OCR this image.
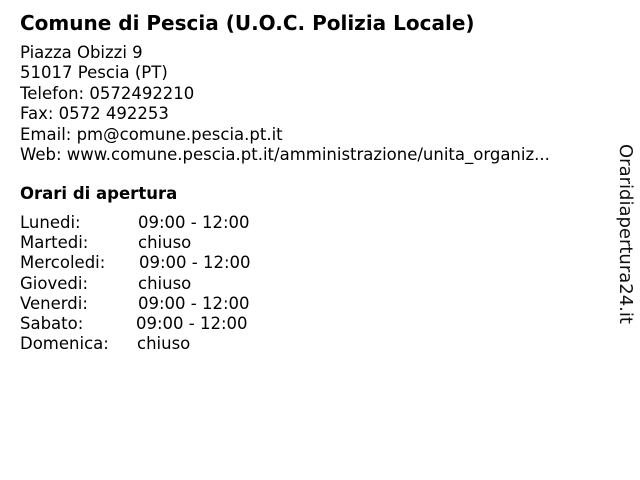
Comune di Pescia (U.O.C. Polizia Locale)
Piazza Obizzi 9
51017 Pescia (PT)
Telefon: 0572492210
Fax: 0572 492253
Email: pm@comune.pescia.pt.it
Web: www.comune.pescia.pt.it/amministrazione/unita_organiz...
Orari di apertura
Lunedi:	09:00 - 12:00
Martedi:	chiuso
Mercoledi: 09:00 - 12:00
Giovedi:	chiuso
Venerdi:	09:00 - 12:00
Sabato:	09:00 - 12:00
Domenica: chiuso
Oraridiapertura24.it
